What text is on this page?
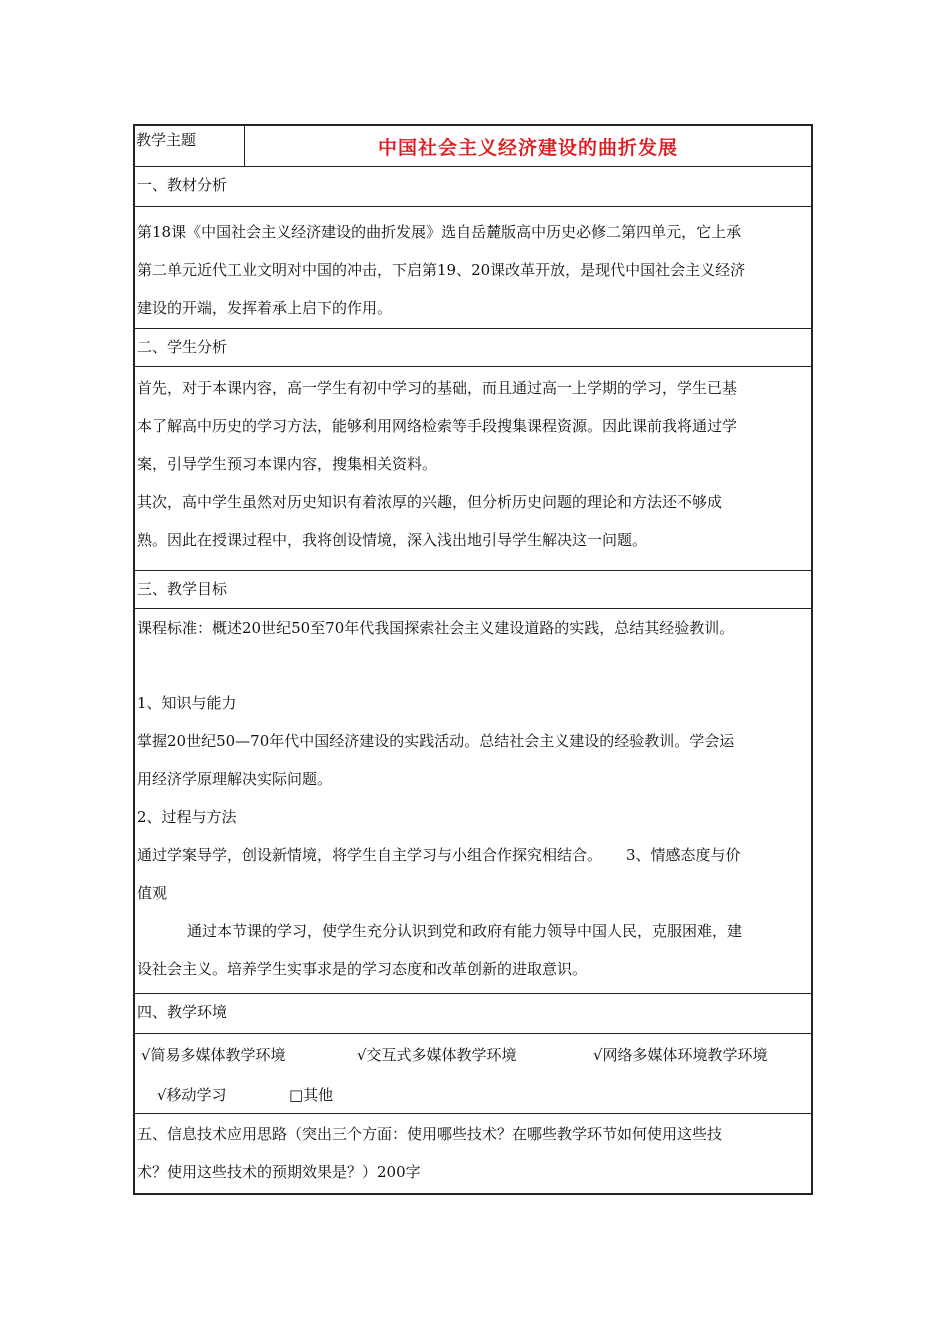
教学主题	中国社会主义经济建设的曲折发展
一、教材分析

第18课《中国社会主义经济建设的曲折发展》选自岳麓版高中历史必修二第四单元，它上承

第二单元近代工业文明对中国的冲击，下启第19、20课改革开放，是现代中国社会主义经济

建设的开端，发挥着承上启下的作用。

二、学生分析

首先，对于本课内容，高一学生有初中学习的基础，而且通过高一上学期的学习，学生已基

本了解高中历史的学习方法，能够利用网络检索等手段搜集课程资源。因此课前我将通过学

案，引导学生预习本课内容，搜集相关资料。

其次，高中学生虽然对历史知识有着浓厚的兴趣，但分析历史问题的理论和方法还不够成

熟。因此在授课过程中，我将创设情境，深入浅出地引导学生解决这一问题。

三、教学目标

课程标准：概述20世纪50至70年代我国探索社会主义建设道路的实践，总结其经验教训。

1、知识与能力

掌握20世纪50—70年代中国经济建设的实践活动。总结社会主义建设的经验教训。学会运

用经济学原理解决实际问题。

2、过程与方法

通过学案导学，创设新情境，将学生自主学习与小组合作探究相结合。 3、情感态度与价

值观

通过本节课的学习，使学生充分认识到党和政府有能力领导中国人民，克服困难，建

设社会主义。培养学生实事求是的学习态度和改革创新的进取意识。

四、教学环境
√简易多媒体教学环境	√交互式多媒体教学环境	√网络多媒体环境教学环境
√移动学习	□其他

五、信息技术应用思路（突出三个方面：使用哪些技术？在哪些教学环节如何使用这些技

术？使用这些技术的预期效果是？）200字
